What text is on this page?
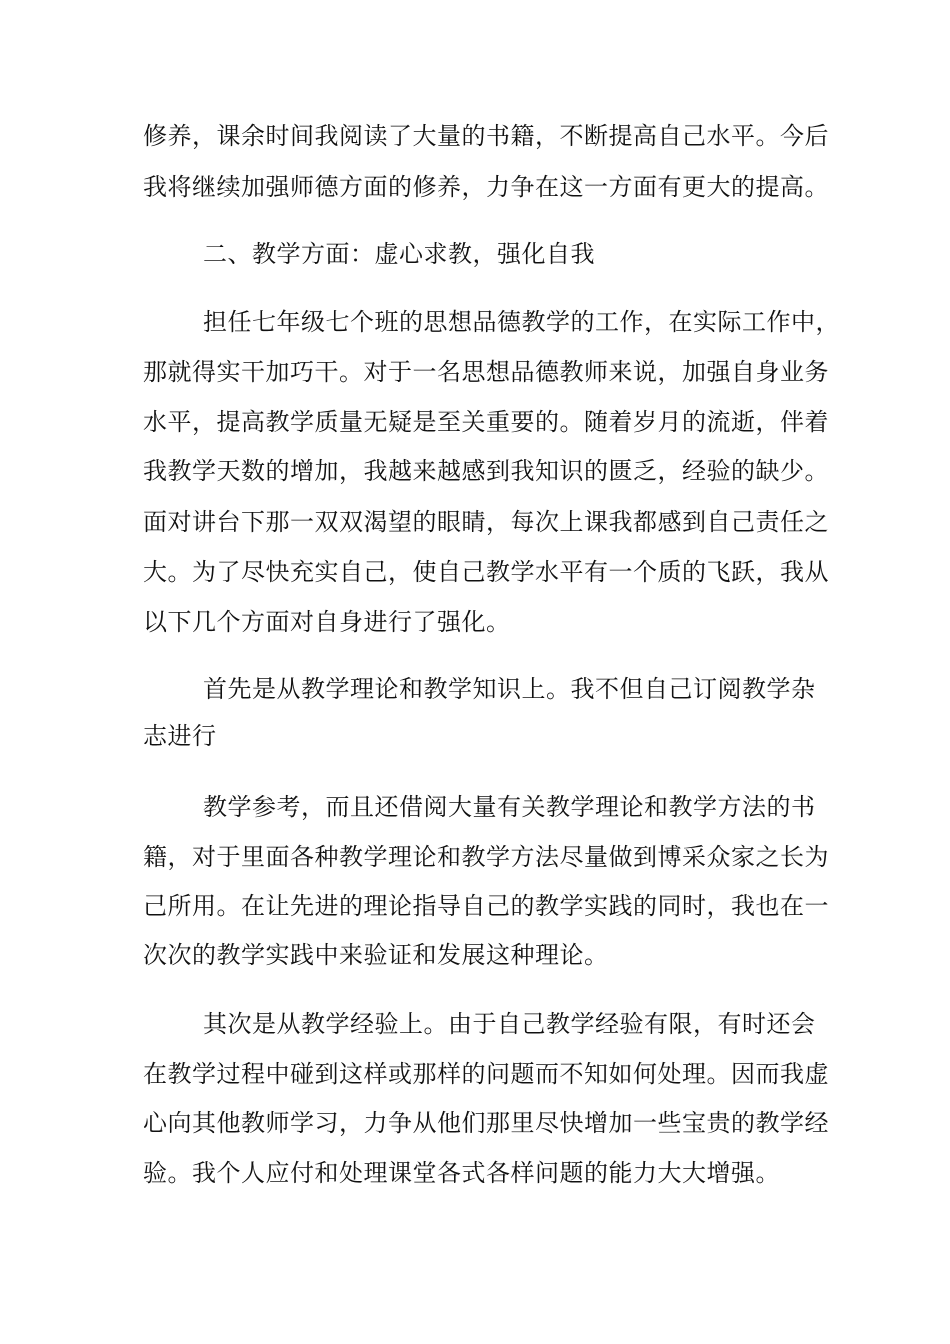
修养，课余时间我阅读了大量的书籍，不断提高自己水平。今后
我将继续加强师德方面的修养，力争在这一方面有更大的提高。
二、教学方面：虚心求教，强化自我
担任七年级七个班的思想品德教学的工作，在实际工作中，
那就得实干加巧干。对于一名思想品德教师来说，加强自身业务
水平，提高教学质量无疑是至关重要的。随着岁月的流逝，伴着
我教学天数的增加，我越来越感到我知识的匮乏，经验的缺少。
面对讲台下那一双双渴望的眼睛，每次上课我都感到自己责任之
大。为了尽快充实自己，使自己教学水平有一个质的飞跃，我从
以下几个方面对自身进行了强化。
首先是从教学理论和教学知识上。我不但自己订阅教学杂
志进行
教学参考，而且还借阅大量有关教学理论和教学方法的书
籍，对于里面各种教学理论和教学方法尽量做到博采众家之长为
己所用。在让先进的理论指导自己的教学实践的同时，我也在一
次次的教学实践中来验证和发展这种理论。
其次是从教学经验上。由于自己教学经验有限，有时还会
在教学过程中碰到这样或那样的问题而不知如何处理。因而我虚
心向其他教师学习，力争从他们那里尽快增加一些宝贵的教学经
验。我个人应付和处理课堂各式各样问题的能力大大增强。
